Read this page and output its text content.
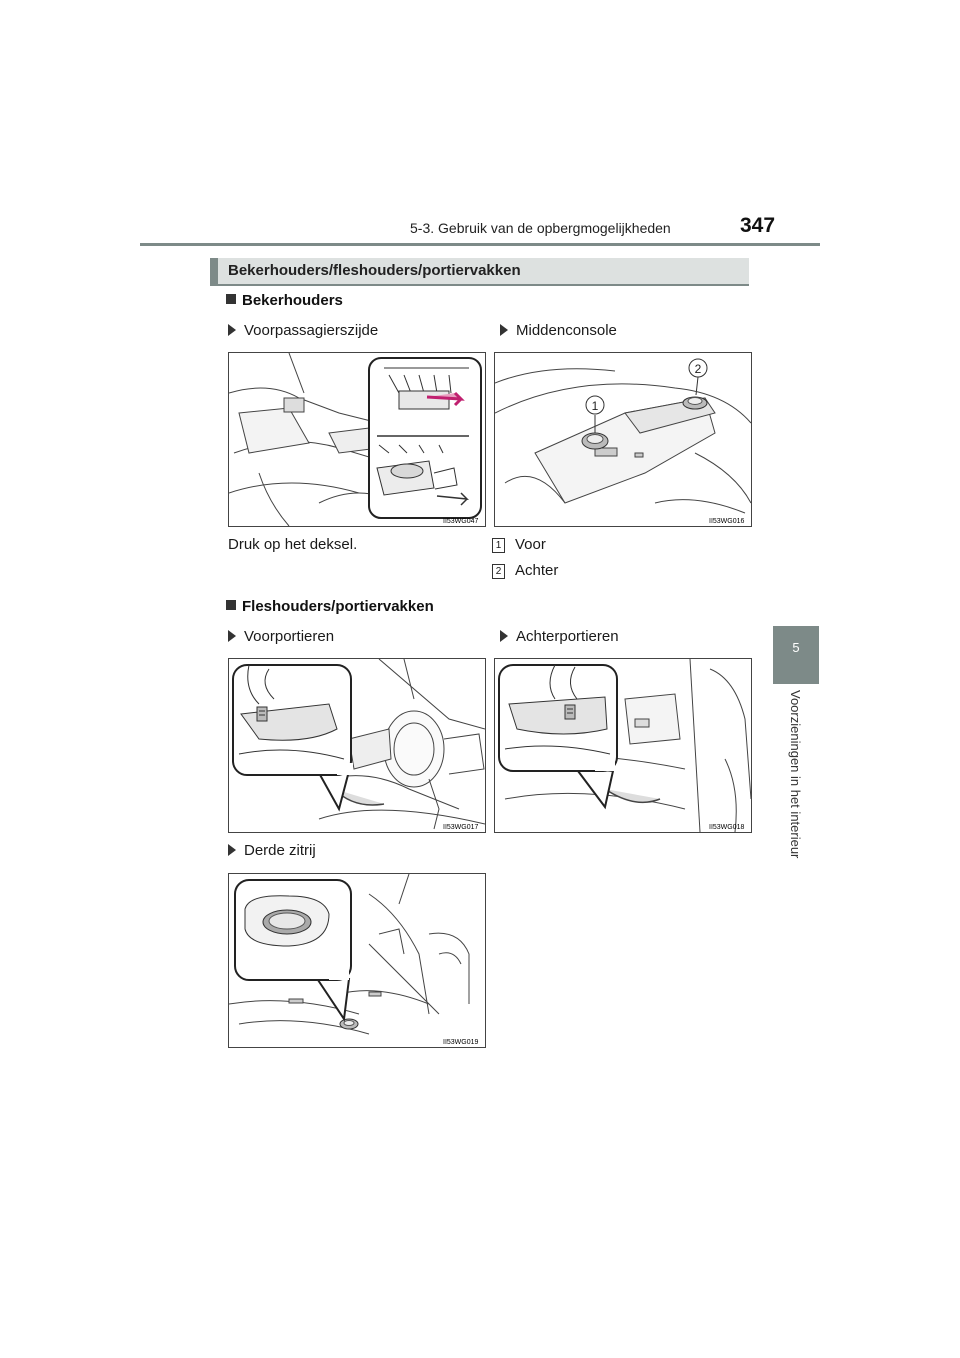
5-3. Gebruik van de opbergmogelijkheden	347
5
Voorzieningen in het interieur
Bekerhouders/fleshouders/portiervakken
Bekerhouders
Voorpassagierszijde	Middenconsole
II53WG047
1
2
II53WG016
Druk op het deksel.	1 Voor
2 Achter
Fleshouders/portiervakken
Voorportieren	Achterportieren
II53WG017	II53WG018
Derde zitrij
II53WG019
